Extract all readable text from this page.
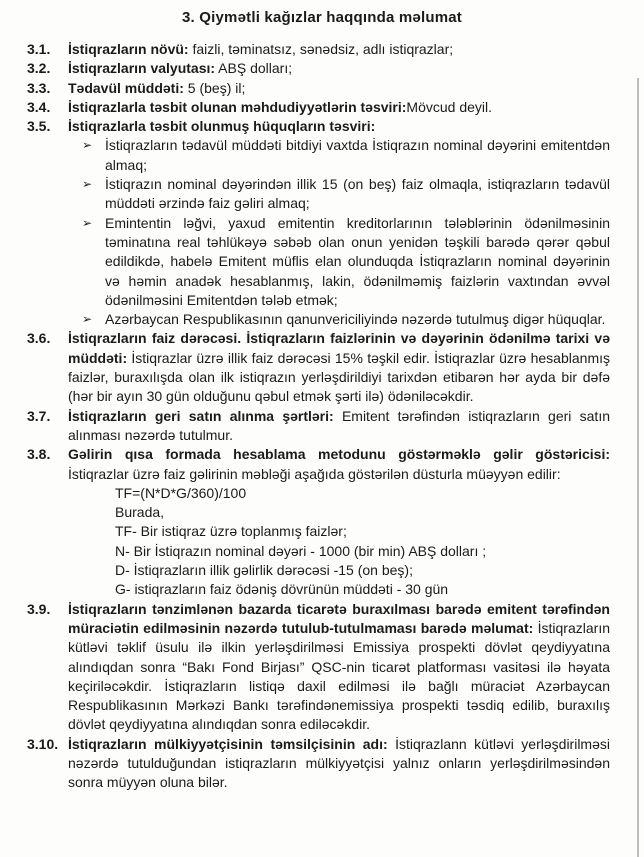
3. Qiymətli kağızlar haqqında məlumat
3.1.	İstiqrazların növü: faizli, təminatsız, sənədsiz, adlı istiqrazlar;

3.2.	İstiqrazların valyutası: ABŞ dolları;

3.3.	Tədavül müddəti: 5 (beş) il;

3.4.	İstiqrazlarla təsbit olunan məhdudiyyətlərin təsviri:Mövcud deyil.

3.5.	İstiqrazlarla təsbit olunmuş hüquqların təsviri:

➢ İstiqrazların tədavül müddəti bitdiyi vaxtda İstiqrazın nominal dəyərini emitentdən almaq;
➢ İstiqrazın nominal dəyərindən illik 15 (on beş) faiz olmaqla, istiqrazların tədavül müddəti ərzində faiz gəliri almaq;
➢ Emintentin ləğvi, yaxud emitentin kreditorlarının tələblərinin ödənilməsinin təminatına real təhlükəyə səbəb olan onun yenidən təşkili barədə qərər qəbul edildikdə, habelə Emitent müflis elan olunduqda İstiqrazların nominal dəyərinin və həmin anadək hesablanmış, lakin, ödənilməmiş faizlərin vaxtından əvvəl ödənilməsini Emitentdən tələb etmək;
➢ Azərbaycan Respublikasının qanunvericiliyində nəzərdə tutulmuş digər hüquqlar.
3.6.	İstiqrazların faiz dərəcəsi. İstiqrazların faizlərinin və dəyərinin ödənilmə tarixi və müddəti: İstiqrazlar üzrə illik faiz dərəcəsi 15% təşkil edir. İstiqrazlar üzrə hesablanmış faizlər, buraxılışda olan ilk istiqrazın yerləşdirildiyi tarixdən etibarən hər ayda bir dəfə (hər bir ayın 30 gün olduğunu qəbul etmək şərti ilə) ödəniləcəkdir.

3.7.	İstiqrazların geri satın alınma şərtləri: Emitent tərəfindən istiqrazların geri satın alınması nəzərdə tutulmur.

3.8.	Gəlirin qısa formada hesablama metodunu göstərməklə gəlir göstəricisi: İstiqrazlar üzrə faiz gəlirinin məbləği aşağıda göstərilən düsturla müəyyən edilir:

TF=(N*D*G/360)/100
Burada,
TF- Bir istiqraz üzrə toplanmış faizlər;
N- Bir İstiqrazın nominal dəyəri - 1000 (bir min) ABŞ dolları ;
D- İstiqrazların illik gəlirlik dərəcəsi -15 (on beş);
G- istiqrazların faiz ödəniş dövrünün müddəti - 30 gün
3.9.	İstiqrazların tənzimlənən bazarda ticarətə buraxılması barədə emitent tərəfindən müraciətin edilməsinin nəzərdə tutulub-tutulmaması barədə məlumat: İstiqrazların kütləvi təklif üsulu ilə ilkin yerləşdirilməsi Emissiya prospekti dövlət qeydiyyatına alındıqdan sonra “Bakı Fond Birjası” QSC-nin ticarət platforması vasitəsi ilə həyata keçiriləcəkdir. İstiqrazların listiqə daxil edilməsi ilə bağlı müraciət Azərbaycan Respublikasının Mərkəzi Bankı tərəfindənemissiya prospekti təsdiq edilib, buraxılış dövlət qeydiyyatına alındıqdan sonra ediləcəkdir.

3.10. İstiqrazların mülkiyyətçisinin təmsilçisinin adı: İstiqrazlann kütləvi yerləşdirilməsi nəzərdə tutulduğundan istiqrazların mülkiyyətçisi yalnız onların yerləşdirilməsindən sonra müyyən oluna bilər.
